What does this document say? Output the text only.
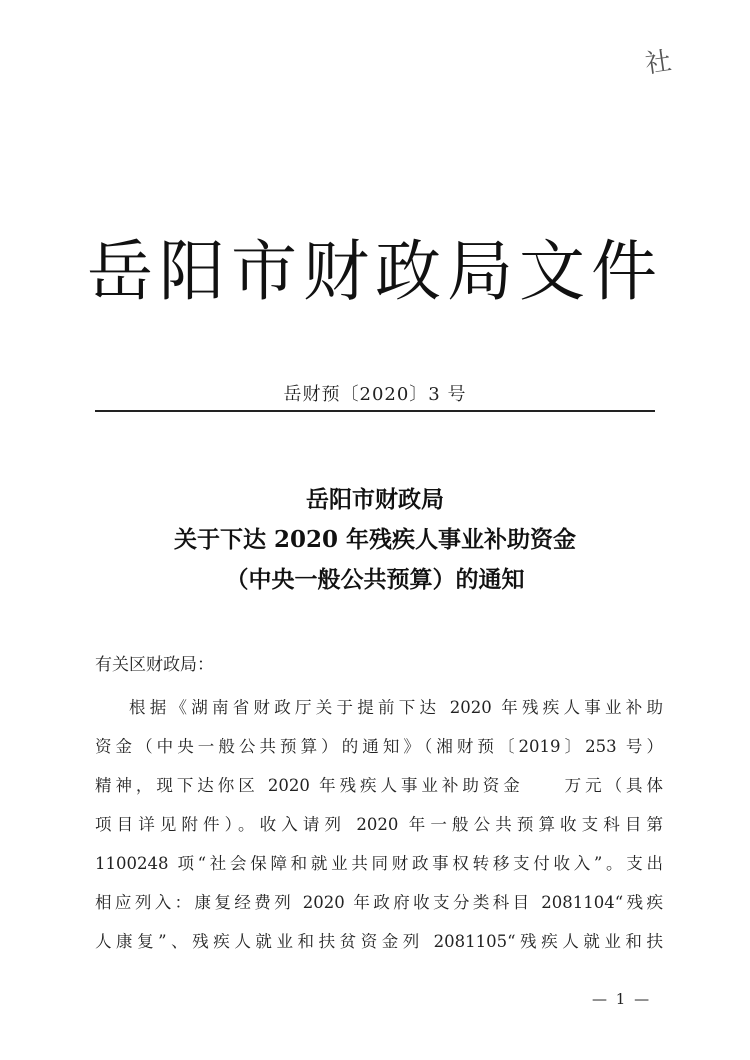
社
岳阳市财政局文件
岳财预〔2020〕3 号
岳阳市财政局
关于下达 2020 年残疾人事业补助资金
（中央一般公共预算）的通知
有关区财政局：
根据《湖南省财政厅关于提前下达 2020 年残疾人事业补助
资金（中央一般公共预算）的通知》（湘财预〔2019〕253 号）
精神，现下达你区 2020 年残疾人事业补助资金　　万元（具体
项目详见附件）。收入请列 2020 年一般公共预算收支科目第
1100248 项“社会保障和就业共同财政事权转移支付收入”。支出
相应列入：康复经费列 2020 年政府收支分类科目 2081104“残疾
人康复”、残疾人就业和扶贫资金列 2081105“残疾人就业和扶
— 1 —
